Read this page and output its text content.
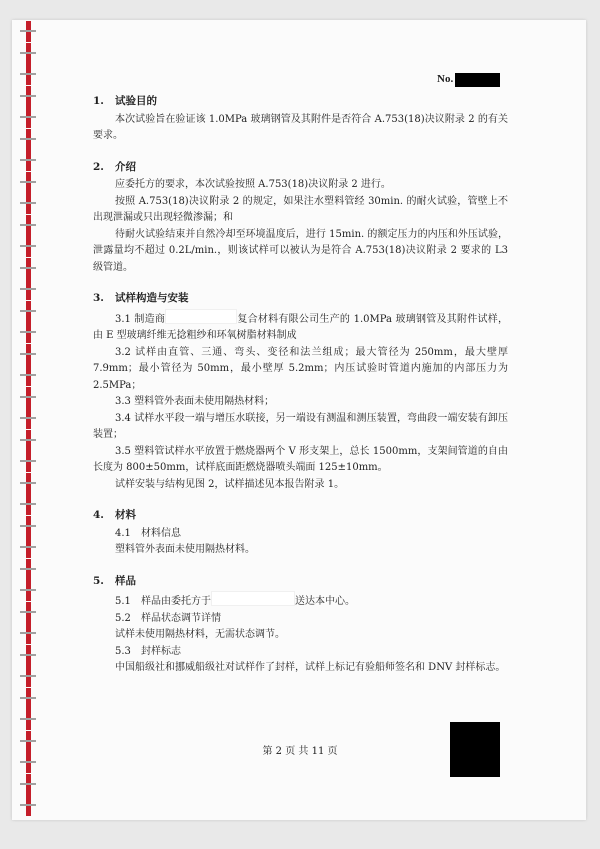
No.
1. 试验目的
本次试验旨在验证该 1.0MPa 玻璃钢管及其附件是否符合 A.753(18)决议附录 2 的有关要求。
2. 介绍
应委托方的要求，本次试验按照 A.753(18)决议附录 2 进行。
按照 A.753(18)决议附录 2 的规定，如果注水塑料管经 30min. 的耐火试验，管壁上不出现泄漏或只出现轻微渗漏；和
待耐火试验结束并自然冷却至环境温度后，进行 15min. 的额定压力的内压和外压试验，泄露量均不超过 0.2L/min.，则该试样可以被认为是符合 A.753(18)决议附录 2 要求的 L3 级管道。
3. 试样构造与安装
3.1 制造商	复合材料有限公司生产的 1.0MPa 玻璃钢管及其附件试样，由 E 型玻璃纤维无捻粗纱和环氧树脂材料制成
3.2 试样由直管、三通、弯头、变径和法兰组成；最大管径为 250mm，最大壁厚 7.9mm；最小管径为 50mm，最小壁厚 5.2mm；内压试验时管道内施加的内部压力为 2.5MPa；
3.3 塑料管外表面未使用隔热材料；
3.4 试样水平段一端与增压水联接，另一端设有测温和测压装置，弯曲段一端安装有卸压装置；
3.5 塑料管试样水平放置于燃烧器两个 V 形支架上，总长 1500mm，支架间管道的自由长度为 800±50mm，试样底面距燃烧器喷头端面 125±10mm。
试样安装与结构见图 2，试样描述见本报告附录 1。
4. 材料
4.1 材料信息
塑料管外表面未使用隔热材料。
5. 样品
5.1 样品由委托方于	送达本中心。
5.2 样品状态调节详情
试样未使用隔热材料，无需状态调节。
5.3 封样标志
中国船级社和挪威船级社对试样作了封样，试样上标记有验船师签名和 DNV 封样标志。
第 2 页 共 11 页
